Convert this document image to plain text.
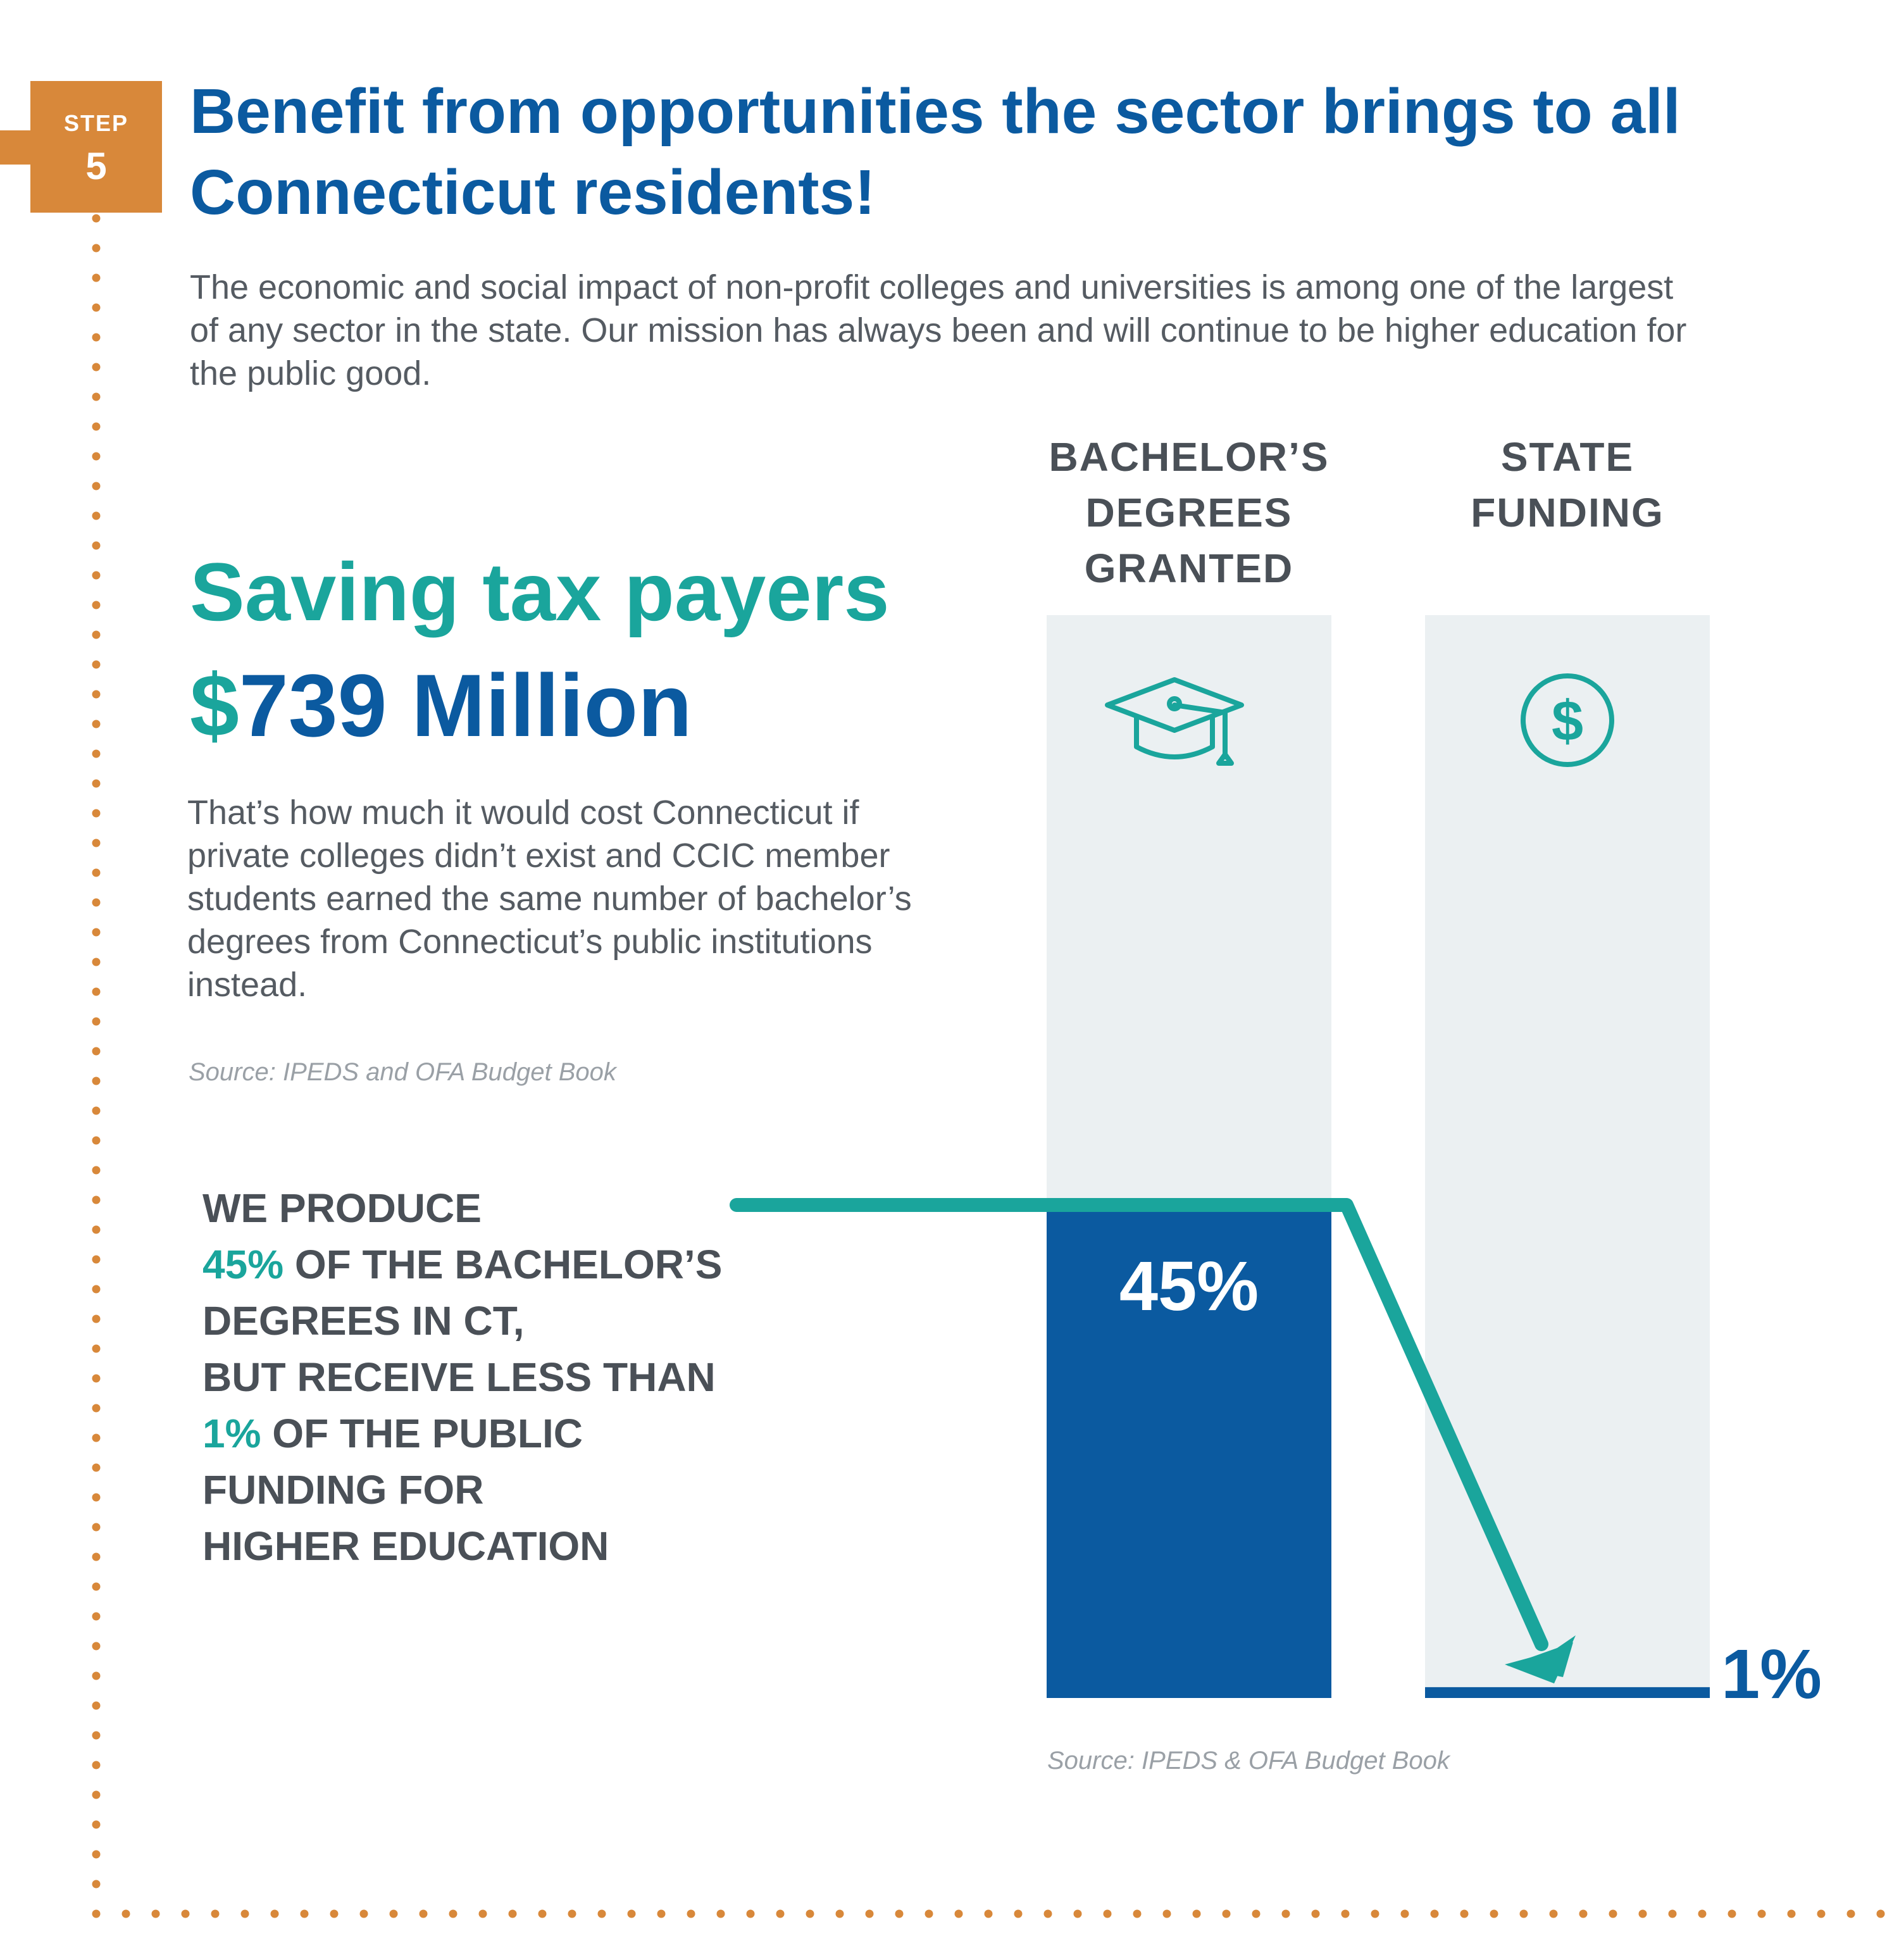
STEP
5
Benefit from opportunities the sector brings to all Connecticut residents!

The economic and social impact of non-profit colleges and universities is among one of the largest of any sector in the state. Our mission has always been and will continue to be higher education for the public good.

Saving tax payers
$739 Million

That’s how much it would cost Connecticut if private colleges didn’t exist and CCIC member students earned the same number of bachelor’s degrees from Connecticut’s public institutions instead.

Source: IPEDS and OFA Budget Book

WE PRODUCE
45% OF THE BACHELOR’S
DEGREES IN CT,
BUT RECEIVE LESS THAN
1% OF THE PUBLIC
FUNDING FOR
HIGHER EDUCATION

BACHELOR’S
DEGREES
GRANTED
STATE
FUNDING
45%
1%
$

Source: IPEDS & OFA Budget Book
